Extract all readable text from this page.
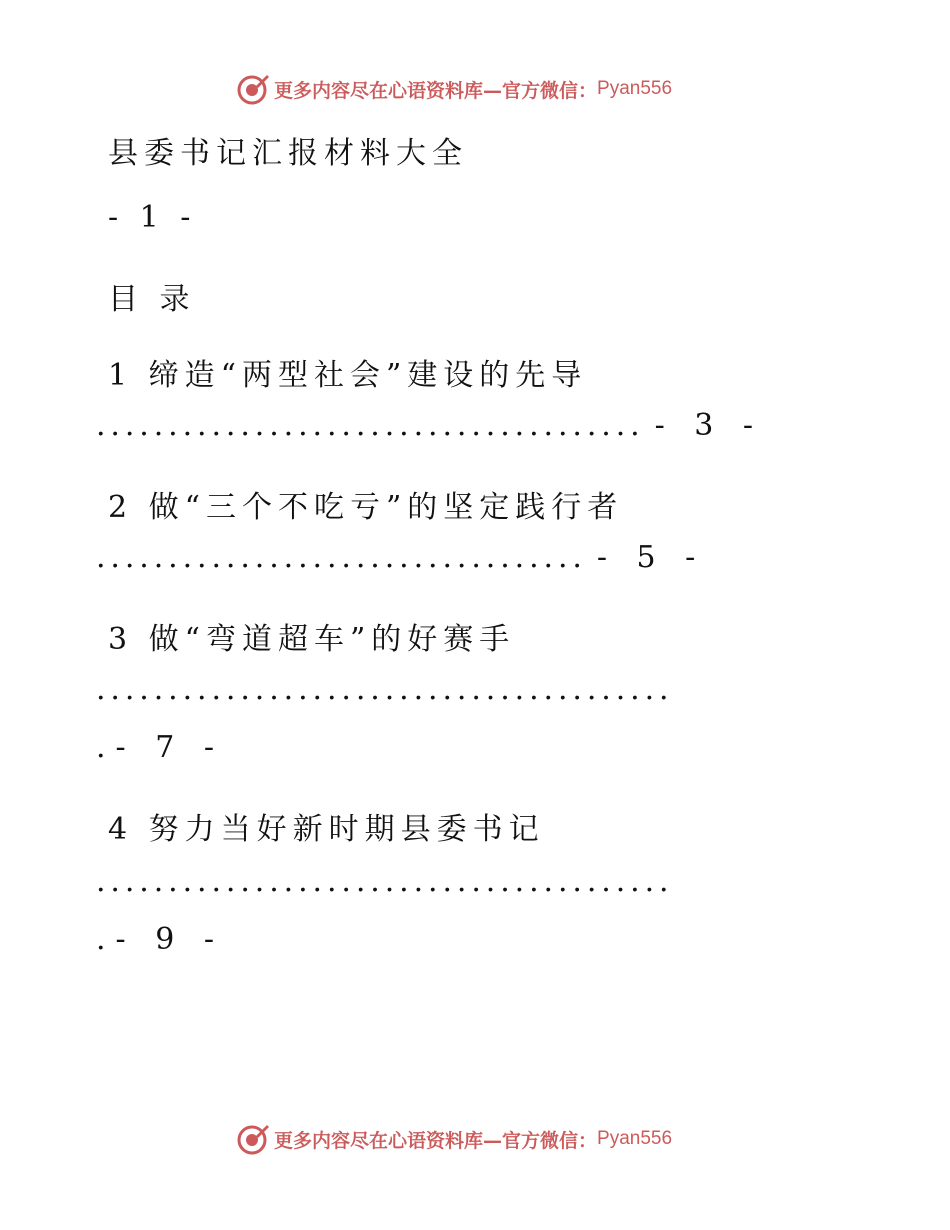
更多内容尽在心语资料库—官方微信： Pyan556
县委书记汇报材料大全
- 1 -
目 录
1 缔造“两型社会”建设的先导
...................................... - 3 -
2 做“三个不吃亏”的坚定践行者
.................................. - 5 -
3 做“弯道超车”的好赛手
........................................
. - 7 -
4 努力当好新时期县委书记
........................................
. - 9 -
更多内容尽在心语资料库—官方微信： Pyan556
